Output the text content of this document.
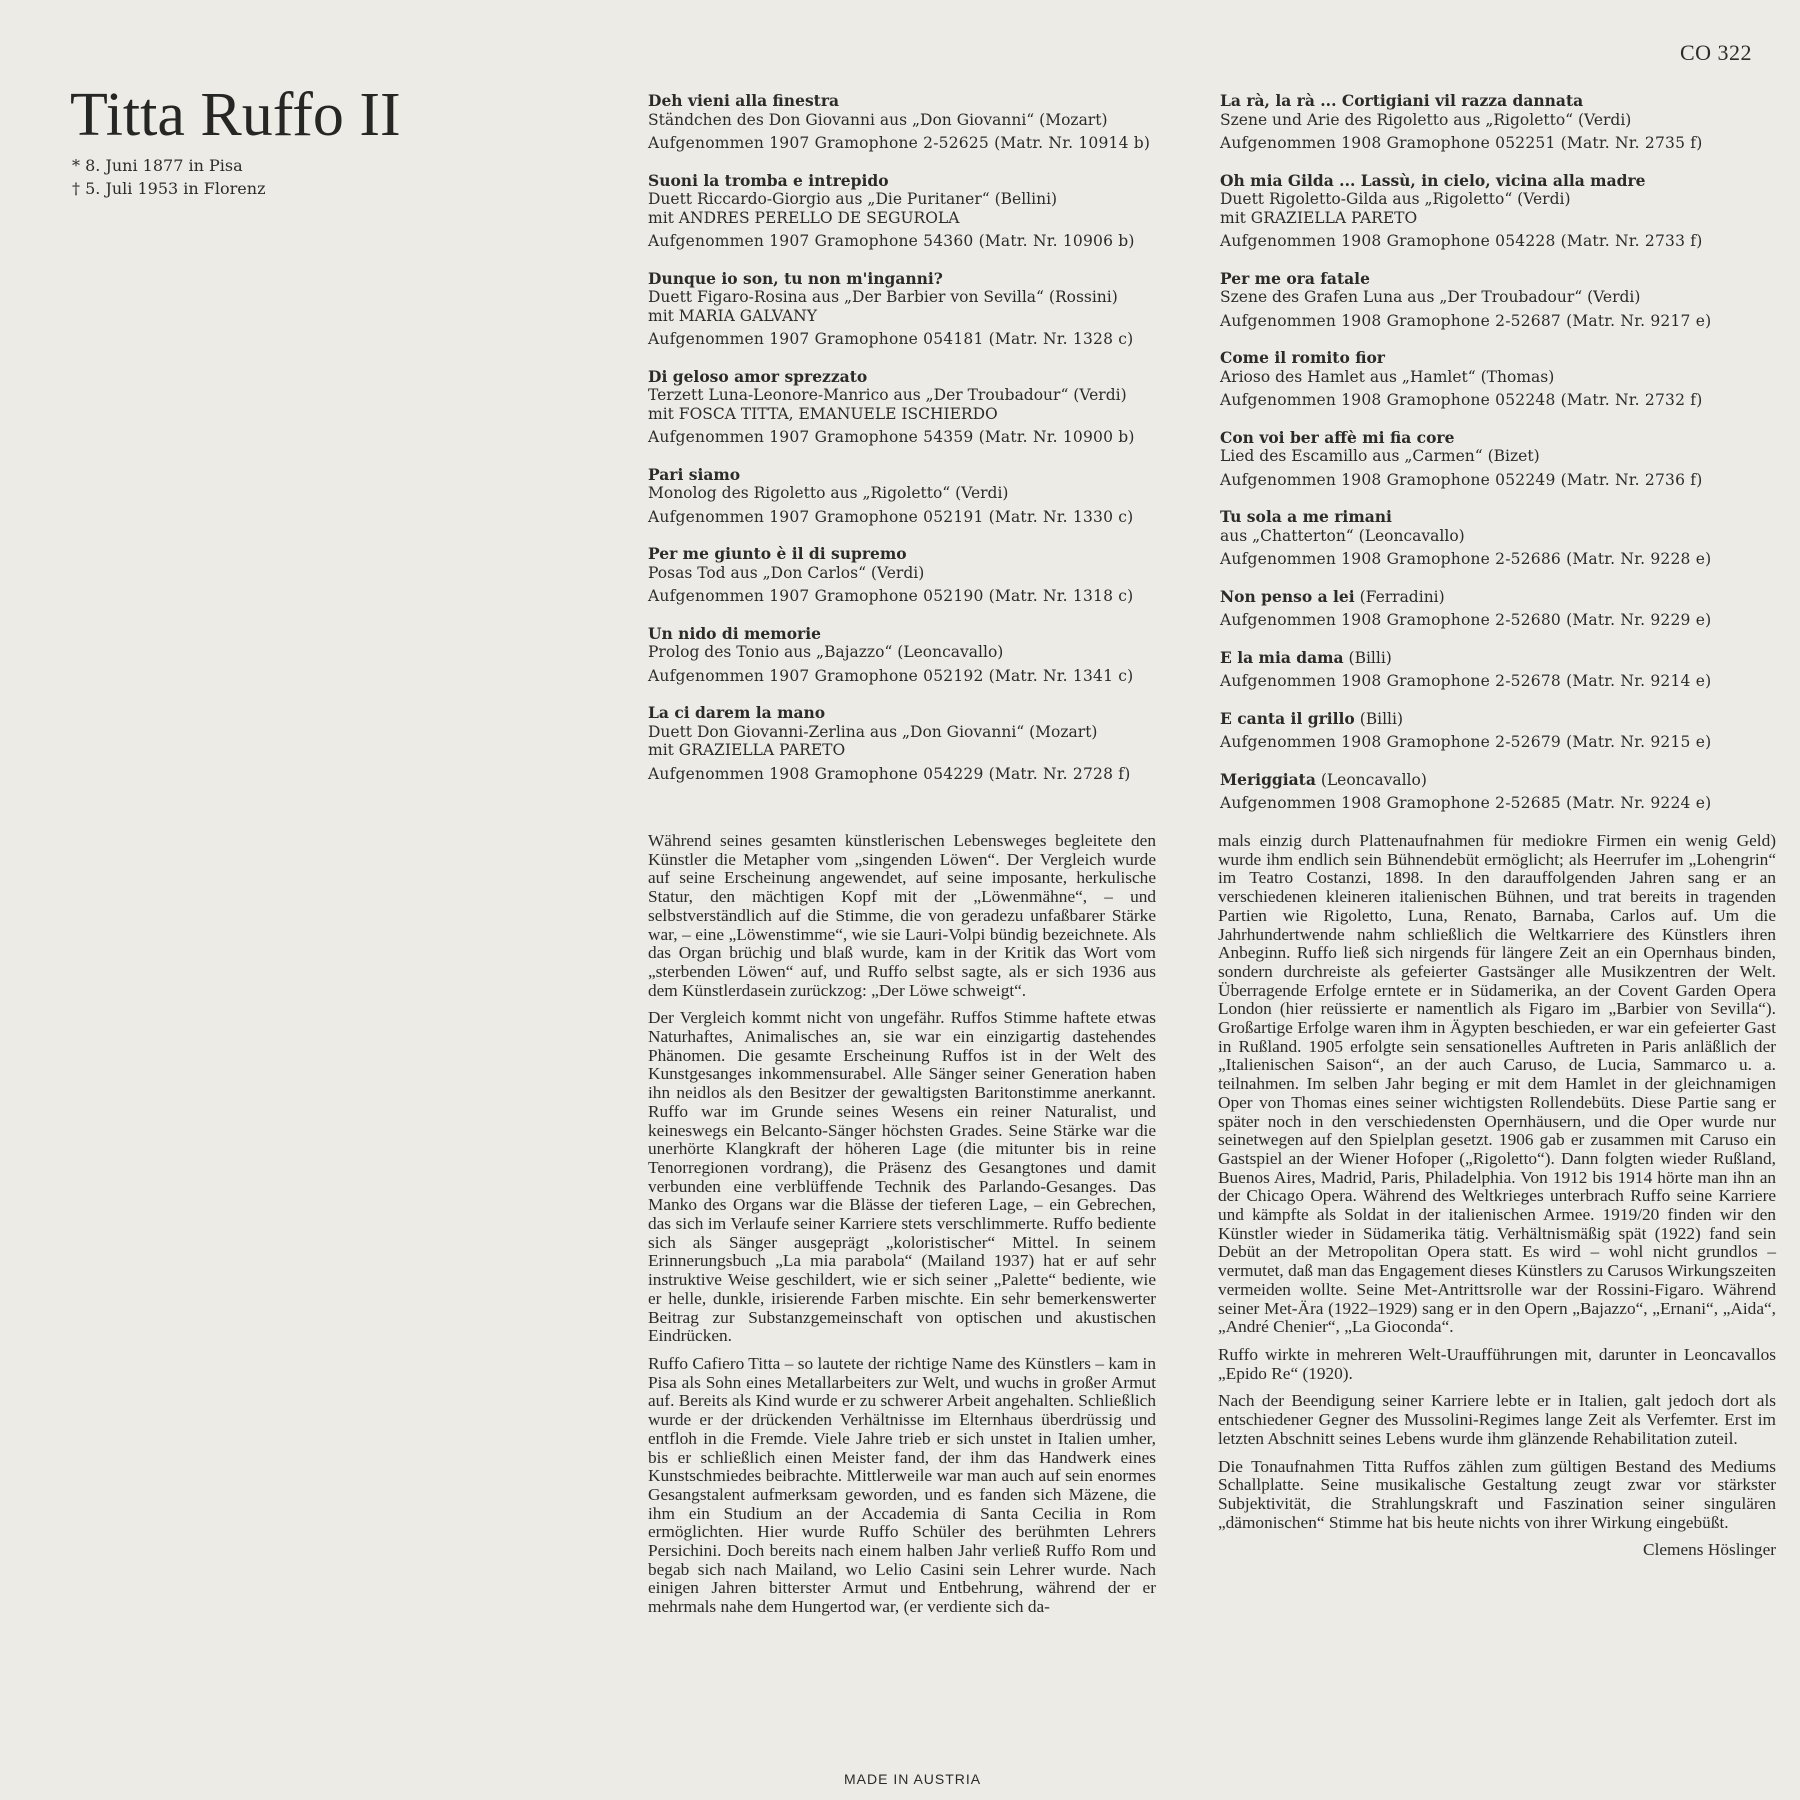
CO 322
Titta Ruffo II
* 8. Juni 1877 in Pisa
† 5. Juli 1953 in Florenz
Deh vieni alla finestra
Ständchen des Don Giovanni aus „Don Giovanni“ (Mozart)
Aufgenommen 1907 Gramophone 2-52625 (Matr. Nr. 10914 b)
Suoni la tromba e intrepido
Duett Riccardo-Giorgio aus „Die Puritaner“ (Bellini)
mit ANDRES PERELLO DE SEGUROLA
Aufgenommen 1907 Gramophone 54360 (Matr. Nr. 10906 b)
Dunque io son, tu non m'inganni?
Duett Figaro-Rosina aus „Der Barbier von Sevilla“ (Rossini)
mit MARIA GALVANY
Aufgenommen 1907 Gramophone 054181 (Matr. Nr. 1328 c)
Di geloso amor sprezzato
Terzett Luna-Leonore-Manrico aus „Der Troubadour“ (Verdi)
mit FOSCA TITTA, EMANUELE ISCHIERDO
Aufgenommen 1907 Gramophone 54359 (Matr. Nr. 10900 b)
Pari siamo
Monolog des Rigoletto aus „Rigoletto“ (Verdi)
Aufgenommen 1907 Gramophone 052191 (Matr. Nr. 1330 c)
Per me giunto è il di supremo
Posas Tod aus „Don Carlos“ (Verdi)
Aufgenommen 1907 Gramophone 052190 (Matr. Nr. 1318 c)
Un nido di memorie
Prolog des Tonio aus „Bajazzo“ (Leoncavallo)
Aufgenommen 1907 Gramophone 052192 (Matr. Nr. 1341 c)
La ci darem la mano
Duett Don Giovanni-Zerlina aus „Don Giovanni“ (Mozart)
mit GRAZIELLA PARETO
Aufgenommen 1908 Gramophone 054229 (Matr. Nr. 2728 f)
La rà, la rà ... Cortigiani vil razza dannata
Szene und Arie des Rigoletto aus „Rigoletto“ (Verdi)
Aufgenommen 1908 Gramophone 052251 (Matr. Nr. 2735 f)
Oh mia Gilda ... Lassù, in cielo, vicina alla madre
Duett Rigoletto-Gilda aus „Rigoletto“ (Verdi)
mit GRAZIELLA PARETO
Aufgenommen 1908 Gramophone 054228 (Matr. Nr. 2733 f)
Per me ora fatale
Szene des Grafen Luna aus „Der Troubadour“ (Verdi)
Aufgenommen 1908 Gramophone 2-52687 (Matr. Nr. 9217 e)
Come il romito fior
Arioso des Hamlet aus „Hamlet“ (Thomas)
Aufgenommen 1908 Gramophone 052248 (Matr. Nr. 2732 f)
Con voi ber affè mi fia core
Lied des Escamillo aus „Carmen“ (Bizet)
Aufgenommen 1908 Gramophone 052249 (Matr. Nr. 2736 f)
Tu sola a me rimani
aus „Chatterton“ (Leoncavallo)
Aufgenommen 1908 Gramophone 2-52686 (Matr. Nr. 9228 e)
Non penso a lei (Ferradini)
Aufgenommen 1908 Gramophone 2-52680 (Matr. Nr. 9229 e)
E la mia dama (Billi)
Aufgenommen 1908 Gramophone 2-52678 (Matr. Nr. 9214 e)
E canta il grillo (Billi)
Aufgenommen 1908 Gramophone 2-52679 (Matr. Nr. 9215 e)
Meriggiata (Leoncavallo)
Aufgenommen 1908 Gramophone 2-52685 (Matr. Nr. 9224 e)

Während seines gesamten künstlerischen Lebensweges begleitete den Künstler die Metapher vom „singenden Löwen“. Der Vergleich wurde auf seine Erscheinung angewendet, auf seine imposante, herkulische Statur, den mächtigen Kopf mit der „Löwenmähne“, – und selbstverständlich auf die Stimme, die von geradezu unfaßbarer Stärke war, – eine „Löwenstimme“, wie sie Lauri-Volpi bündig bezeichnete. Als das Organ brüchig und blaß wurde, kam in der Kritik das Wort vom „sterbenden Löwen“ auf, und Ruffo selbst sagte, als er sich 1936 aus dem Künstlerdasein zurückzog: „Der Löwe schweigt“.

Der Vergleich kommt nicht von ungefähr. Ruffos Stimme haftete etwas Naturhaftes, Animalisches an, sie war ein einzigartig dastehendes Phänomen. Die gesamte Erscheinung Ruffos ist in der Welt des Kunstgesanges inkommensurabel. Alle Sänger seiner Generation haben ihn neidlos als den Besitzer der gewaltigsten Baritonstimme anerkannt. Ruffo war im Grunde seines Wesens ein reiner Naturalist, und keineswegs ein Belcanto-Sänger höchsten Grades. Seine Stärke war die unerhörte Klangkraft der höheren Lage (die mitunter bis in reine Tenorregionen vordrang), die Präsenz des Gesangtones und damit verbunden eine verblüffende Technik des Parlando-Gesanges. Das Manko des Organs war die Blässe der tieferen Lage, – ein Gebrechen, das sich im Verlaufe seiner Karriere stets verschlimmerte. Ruffo bediente sich als Sänger ausgeprägt „koloristischer“ Mittel. In seinem Erinnerungsbuch „La mia parabola“ (Mailand 1937) hat er auf sehr instruktive Weise geschildert, wie er sich seiner „Palette“ bediente, wie er helle, dunkle, irisierende Farben mischte. Ein sehr bemerkenswerter Beitrag zur Substanzgemeinschaft von optischen und akustischen Eindrücken.

Ruffo Cafiero Titta – so lautete der richtige Name des Künstlers – kam in Pisa als Sohn eines Metallarbeiters zur Welt, und wuchs in großer Armut auf. Bereits als Kind wurde er zu schwerer Arbeit angehalten. Schließlich wurde er der drückenden Verhältnisse im Elternhaus überdrüssig und entfloh in die Fremde. Viele Jahre trieb er sich unstet in Italien umher, bis er schließlich einen Meister fand, der ihm das Handwerk eines Kunstschmiedes beibrachte. Mittlerweile war man auch auf sein enormes Gesangstalent aufmerksam geworden, und es fanden sich Mäzene, die ihm ein Studium an der Accademia di Santa Cecilia in Rom ermöglichten. Hier wurde Ruffo Schüler des berühmten Lehrers Persichini. Doch bereits nach einem halben Jahr verließ Ruffo Rom und begab sich nach Mailand, wo Lelio Casini sein Lehrer wurde. Nach einigen Jahren bitterster Armut und Entbehrung, während der er mehrmals nahe dem Hungertod war, (er verdiente sich da-

mals einzig durch Plattenaufnahmen für mediokre Firmen ein wenig Geld) wurde ihm endlich sein Bühnendebüt ermöglicht; als Heerrufer im „Lohengrin“ im Teatro Costanzi, 1898. In den darauffolgenden Jahren sang er an verschiedenen kleineren italienischen Bühnen, und trat bereits in tragenden Partien wie Rigoletto, Luna, Renato, Barnaba, Carlos auf. Um die Jahrhundertwende nahm schließlich die Weltkarriere des Künstlers ihren Anbeginn. Ruffo ließ sich nirgends für längere Zeit an ein Opernhaus binden, sondern durchreiste als gefeierter Gastsänger alle Musikzentren der Welt. Überragende Erfolge erntete er in Südamerika, an der Covent Garden Opera London (hier reüssierte er namentlich als Figaro im „Barbier von Sevilla“). Großartige Erfolge waren ihm in Ägypten beschieden, er war ein gefeierter Gast in Rußland. 1905 erfolgte sein sensationelles Auftreten in Paris anläßlich der „Italienischen Saison“, an der auch Caruso, de Lucia, Sammarco u. a. teilnahmen. Im selben Jahr beging er mit dem Hamlet in der gleichnamigen Oper von Thomas eines seiner wichtigsten Rollendebüts. Diese Partie sang er später noch in den verschiedensten Opernhäusern, und die Oper wurde nur seinetwegen auf den Spielplan gesetzt. 1906 gab er zusammen mit Caruso ein Gastspiel an der Wiener Hofoper („Rigoletto“). Dann folgten wieder Rußland, Buenos Aires, Madrid, Paris, Philadelphia. Von 1912 bis 1914 hörte man ihn an der Chicago Opera. Während des Weltkrieges unterbrach Ruffo seine Karriere und kämpfte als Soldat in der italienischen Armee. 1919/20 finden wir den Künstler wieder in Südamerika tätig. Verhältnismäßig spät (1922) fand sein Debüt an der Metropolitan Opera statt. Es wird – wohl nicht grundlos – vermutet, daß man das Engagement dieses Künstlers zu Carusos Wirkungszeiten vermeiden wollte. Seine Met-Antrittsrolle war der Rossini-Figaro. Während seiner Met-Ära (1922–1929) sang er in den Opern „Bajazzo“, „Ernani“, „Aida“, „André Chenier“, „La Gioconda“.

Ruffo wirkte in mehreren Welt-Uraufführungen mit, darunter in Leoncavallos „Epido Re“ (1920).

Nach der Beendigung seiner Karriere lebte er in Italien, galt jedoch dort als entschiedener Gegner des Mussolini-Regimes lange Zeit als Verfemter. Erst im letzten Abschnitt seines Lebens wurde ihm glänzende Rehabilitation zuteil.

Die Tonaufnahmen Titta Ruffos zählen zum gültigen Bestand des Mediums Schallplatte. Seine musikalische Gestaltung zeugt zwar vor stärkster Subjektivität, die Strahlungskraft und Faszination seiner singulären „dämonischen“ Stimme hat bis heute nichts von ihrer Wirkung eingebüßt.

Clemens Höslinger
MADE IN AUSTRIA
